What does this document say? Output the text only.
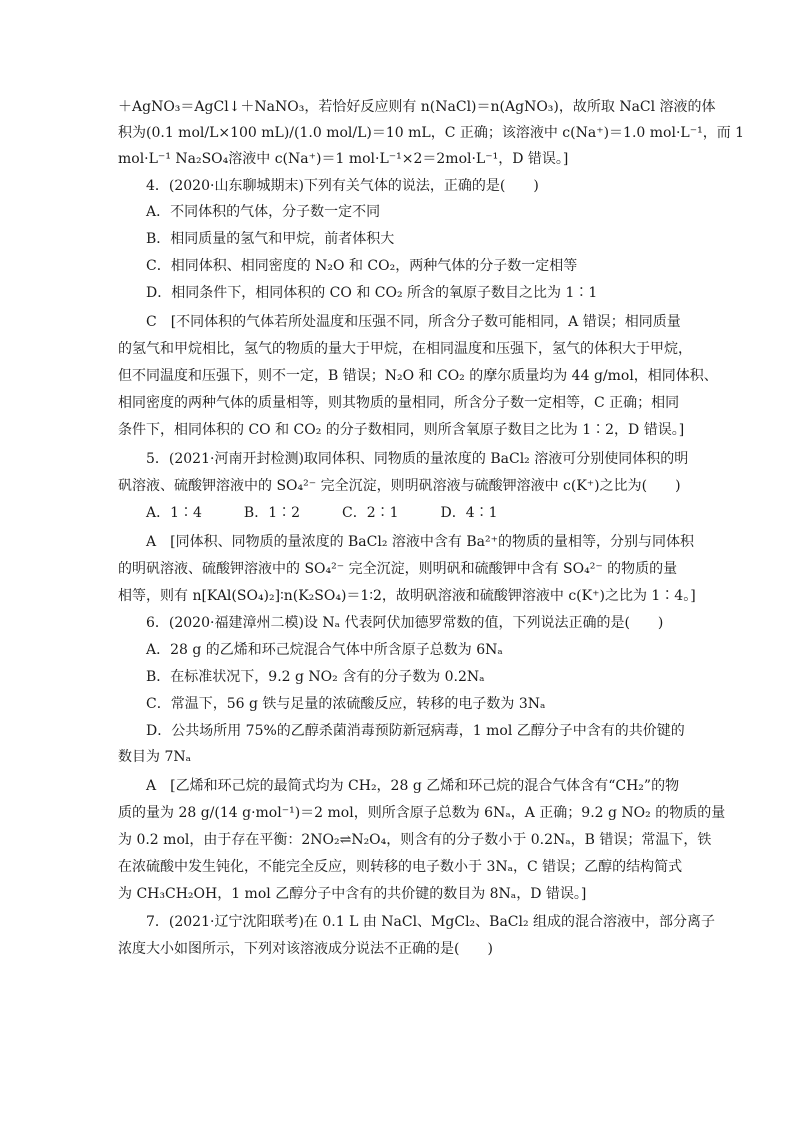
＋AgNO₃＝AgCl↓＋NaNO₃，若恰好反应则有 n(NaCl)＝n(AgNO₃)，故所取 NaCl 溶液的体
积为(0.1 mol/L×100 mL)/(1.0 mol/L)＝10 mL，C 正确；该溶液中 c(Na⁺)＝1.0 mol·L⁻¹，而 1
mol·L⁻¹ Na₂SO₄溶液中 c(Na⁺)＝1 mol·L⁻¹×2＝2mol·L⁻¹，D 错误。]
4．(2020·山东聊城期末)下列有关气体的说法，正确的是(　　)
A．不同体积的气体，分子数一定不同
B．相同质量的氢气和甲烷，前者体积大
C．相同体积、相同密度的 N₂O 和 CO₂，两种气体的分子数一定相等
D．相同条件下，相同体积的 CO 和 CO₂ 所含的氧原子数目之比为 1∶1
C　[不同体积的气体若所处温度和压强不同，所含分子数可能相同，A 错误；相同质量
的氢气和甲烷相比，氢气的物质的量大于甲烷，在相同温度和压强下，氢气的体积大于甲烷，
但不同温度和压强下，则不一定，B 错误；N₂O 和 CO₂ 的摩尔质量均为 44 g/mol，相同体积、
相同密度的两种气体的质量相等，则其物质的量相同，所含分子数一定相等，C 正确；相同
条件下，相同体积的 CO 和 CO₂ 的分子数相同，则所含氧原子数目之比为 1∶2，D 错误。]
5．(2021·河南开封检测)取同体积、同物质的量浓度的 BaCl₂ 溶液可分别使同体积的明
矾溶液、硫酸钾溶液中的 SO₄²⁻ 完全沉淀，则明矾溶液与硫酸钾溶液中 c(K⁺)之比为(　　)
A．1∶4　　　B．1∶2　　　C．2∶1　　　D．4∶1
A　[同体积、同物质的量浓度的 BaCl₂ 溶液中含有 Ba²⁺的物质的量相等，分别与同体积
的明矾溶液、硫酸钾溶液中的 SO₄²⁻ 完全沉淀，则明矾和硫酸钾中含有 SO₄²⁻ 的物质的量
相等，则有 n[KAl(SO₄)₂]∶n(K₂SO₄)＝1∶2，故明矾溶液和硫酸钾溶液中 c(K⁺)之比为 1∶4。]
6．(2020·福建漳州二模)设 Nₐ 代表阿伏加德罗常数的值，下列说法正确的是(　　)
A．28 g 的乙烯和环己烷混合气体中所含原子总数为 6Nₐ
B．在标准状况下，9.2 g NO₂ 含有的分子数为 0.2Nₐ
C．常温下，56 g 铁与足量的浓硫酸反应，转移的电子数为 3Nₐ
D．公共场所用 75%的乙醇杀菌消毒预防新冠病毒，1 mol 乙醇分子中含有的共价键的
数目为 7Nₐ
A　[乙烯和环己烷的最简式均为 CH₂，28 g 乙烯和环己烷的混合气体含有“CH₂”的物
质的量为 28 g/(14 g·mol⁻¹)＝2 mol，则所含原子总数为 6Nₐ，A 正确；9.2 g NO₂ 的物质的量
为 0.2 mol，由于存在平衡：2NO₂⇌N₂O₄，则含有的分子数小于 0.2Nₐ，B 错误；常温下，铁
在浓硫酸中发生钝化，不能完全反应，则转移的电子数小于 3Nₐ，C 错误；乙醇的结构简式
为 CH₃CH₂OH，1 mol 乙醇分子中含有的共价键的数目为 8Nₐ，D 错误。]
7．(2021·辽宁沈阳联考)在 0.1 L 由 NaCl、MgCl₂、BaCl₂ 组成的混合溶液中，部分离子
浓度大小如图所示，下列对该溶液成分说法不正确的是(　　)
